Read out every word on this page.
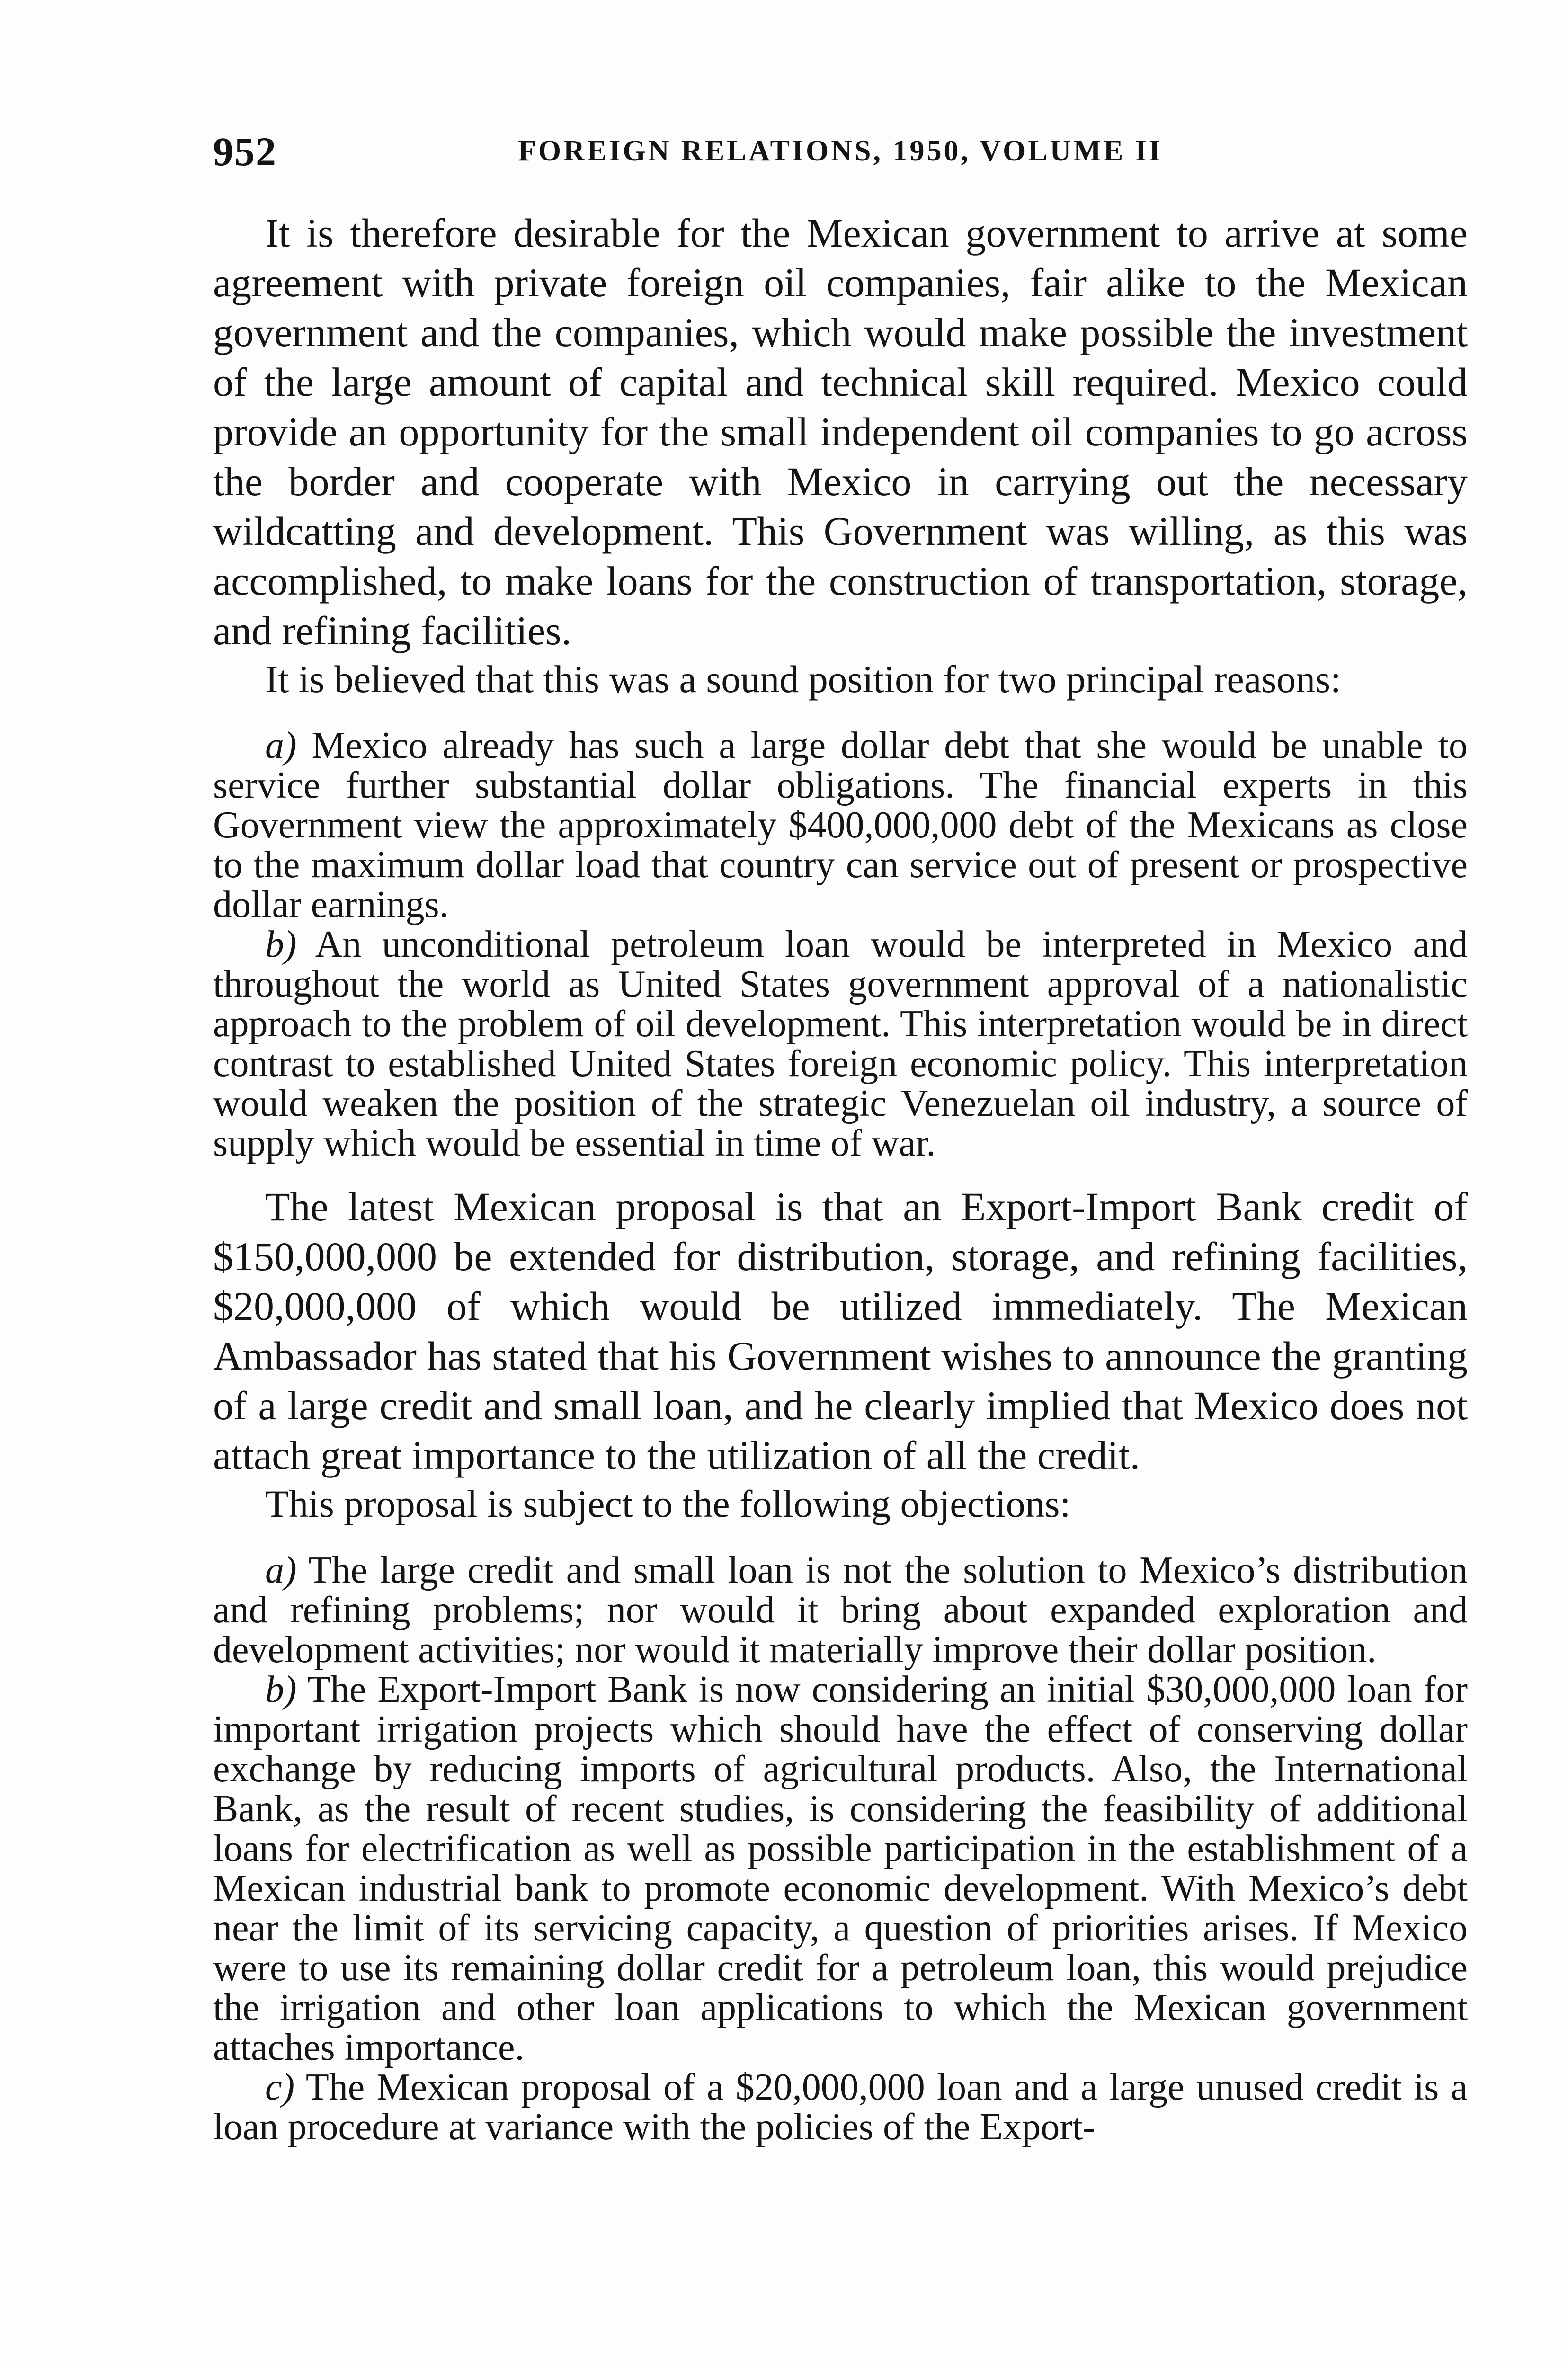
952	FOREIGN RELATIONS, 1950, VOLUME II

It is therefore desirable for the Mexican government to arrive at some agreement with private foreign oil companies, fair alike to the Mexican government and the companies, which would make possible the investment of the large amount of capital and technical skill required. Mexico could provide an opportunity for the small independent oil companies to go across the border and cooperate with Mexico in carrying out the necessary wildcatting and development. This Government was willing, as this was accomplished, to make loans for the construction of transportation, storage, and refining facilities.

It is believed that this was a sound position for two principal reasons:

a) Mexico already has such a large dollar debt that she would be unable to service further substantial dollar obligations. The financial experts in this Government view the approximately $400,000,000 debt of the Mexicans as close to the maximum dollar load that country can service out of present or prospective dollar earnings.

b) An unconditional petroleum loan would be interpreted in Mexico and throughout the world as United States government approval of a nationalistic approach to the problem of oil development. This interpretation would be in direct contrast to established United States foreign economic policy. This interpretation would weaken the position of the strategic Venezuelan oil industry, a source of supply which would be essential in time of war.

The latest Mexican proposal is that an Export-Import Bank credit of $150,000,000 be extended for distribution, storage, and refining facilities, $20,000,000 of which would be utilized immediately. The Mexican Ambassador has stated that his Government wishes to announce the granting of a large credit and small loan, and he clearly implied that Mexico does not attach great importance to the utilization of all the credit.

This proposal is subject to the following objections:

a) The large credit and small loan is not the solution to Mexico’s distribution and refining problems; nor would it bring about expanded exploration and development activities; nor would it materially improve their dollar position.

b) The Export-Import Bank is now considering an initial $30,000,000 loan for important irrigation projects which should have the effect of conserving dollar exchange by reducing imports of agricultural products. Also, the International Bank, as the result of recent studies, is considering the feasibility of additional loans for electrification as well as possible participation in the establishment of a Mexican industrial bank to promote economic development. With Mexico’s debt near the limit of its servicing capacity, a question of priorities arises. If Mexico were to use its remaining dollar credit for a petroleum loan, this would prejudice the irrigation and other loan applications to which the Mexican government attaches importance.

c) The Mexican proposal of a $20,000,000 loan and a large unused credit is a loan procedure at variance with the policies of the Export-
